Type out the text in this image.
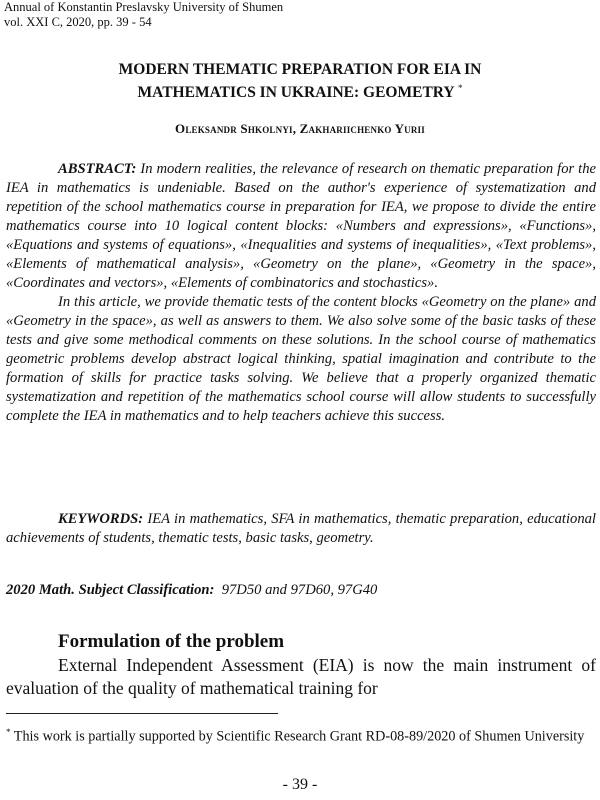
Annual of Konstantin Preslavsky University of Shumen
vol. XXI C, 2020, pp. 39 - 54
MODERN THEMATIC PREPARATION FOR EIA IN
MATHEMATICS IN UKRAINE: GEOMETRY *
Oleksandr Shkolnyi, Zakhariichenko Yurii

ABSTRACT: In modern realities, the relevance of research on thematic preparation for the IEA in mathematics is undeniable. Based on the author's experience of systematization and repetition of the school mathematics course in preparation for IEA, we propose to divide the entire mathematics course into 10 logical content blocks: «Numbers and expressions», «Functions», «Equations and systems of equations», «Inequalities and systems of inequalities», «Text problems», «Elements of mathematical analysis», «Geometry on the plane», «Geometry in the space», «Coordinates and vectors», «Elements of combinatorics and stochastics».

In this article, we provide thematic tests of the content blocks «Geometry on the plane» and «Geometry in the space», as well as answers to them. We also solve some of the basic tasks of these tests and give some methodical comments on these solutions. In the school course of mathematics geometric problems develop abstract logical thinking, spatial imagination and contribute to the formation of skills for practice tasks solving. We believe that a properly organized thematic systematization and repetition of the mathematics school course will allow students to successfully complete the IEA in mathematics and to help teachers achieve this success.

KEYWORDS: IEA in mathematics, SFA in mathematics, thematic preparation, educational achievements of students, thematic tests, basic tasks, geometry.
2020 Math. Subject Classification: 97D50 and 97D60, 97G40
Formulation of the problem
External Independent Assessment (EIA) is now the main instrument of evaluation of the quality of mathematical training for
* This work is partially supported by Scientific Research Grant RD-08-89/2020 of Shumen University
- 39 -
